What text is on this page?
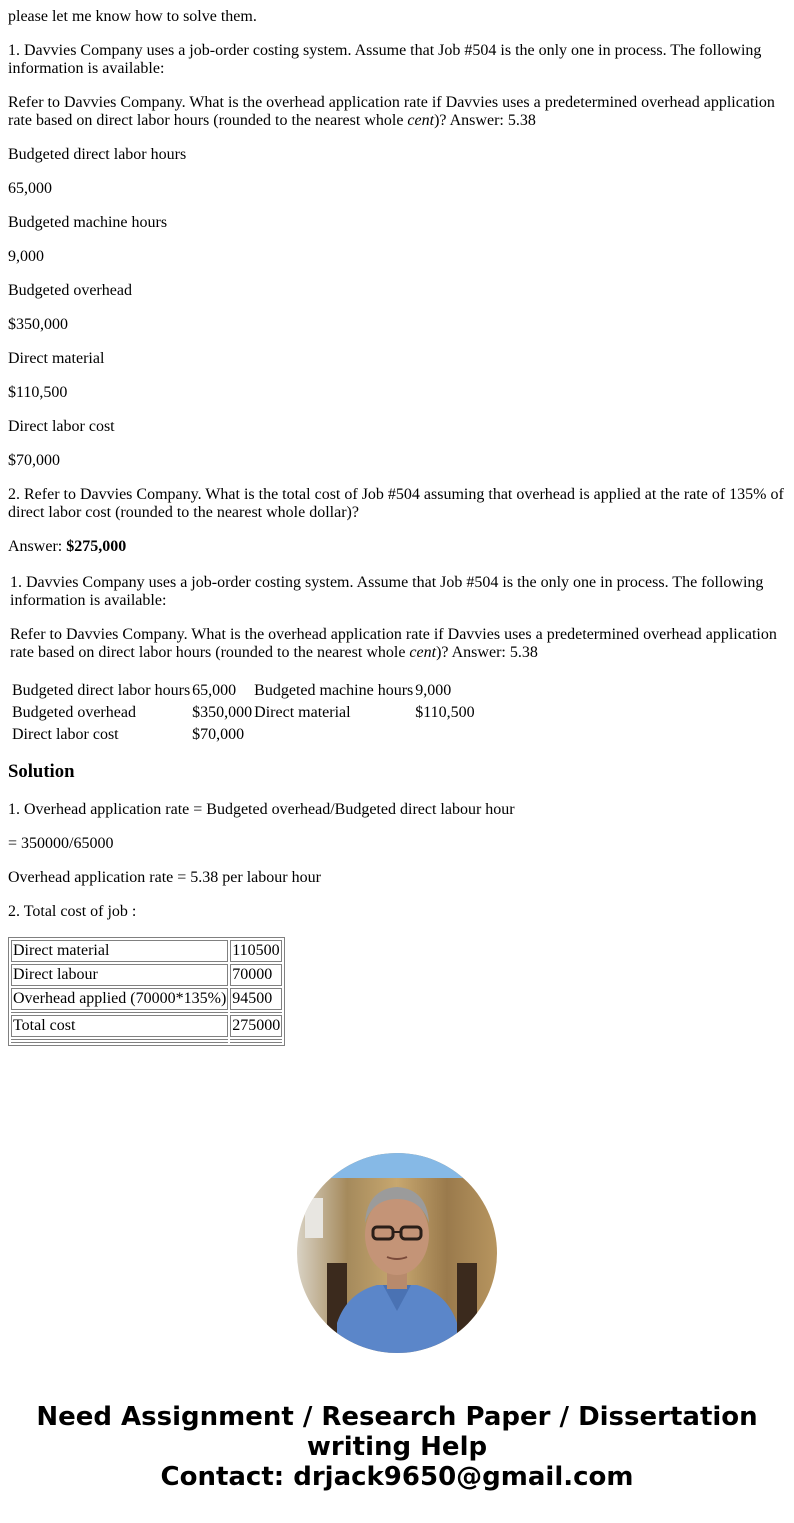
please let me know how to solve them.

1. Davvies Company uses a job-order costing system. Assume that Job #504 is the only one in process. The following information is available:

Refer to Davvies Company. What is the overhead application rate if Davvies uses a predetermined overhead application rate based on direct labor hours (rounded to the nearest whole cent)? Answer: 5.38

Budgeted direct labor hours

65,000

Budgeted machine hours

9,000

Budgeted overhead

$350,000

Direct material

$110,500

Direct labor cost

$70,000

2. Refer to Davvies Company. What is the total cost of Job #504 assuming that overhead is applied at the rate of 135% of direct labor cost (rounded to the nearest whole dollar)?

Answer: $275,000

1. Davvies Company uses a job-order costing system. Assume that Job #504 is the only one in process. The following information is available:

Refer to Davvies Company. What is the overhead application rate if Davvies uses a predetermined overhead application rate based on direct labor hours (rounded to the nearest whole cent)? Answer: 5.38

Budgeted direct labor hours	65,000	Budgeted machine hours	9,000
Budgeted overhead	$350,000	Direct material	$110,500
Direct labor cost	$70,000		
Solution

1. Overhead application rate = Budgeted overhead/Budgeted direct labour hour

= 350000/65000

Overhead application rate = 5.38 per labour hour

2. Total cost of job :

Direct material	110500
Direct labour	70000
Overhead applied (70000*135%)	94500

Total cost	275000

Need Assignment / Research Paper / Dissertation
writing Help
Contact: drjack9650@gmail.com
